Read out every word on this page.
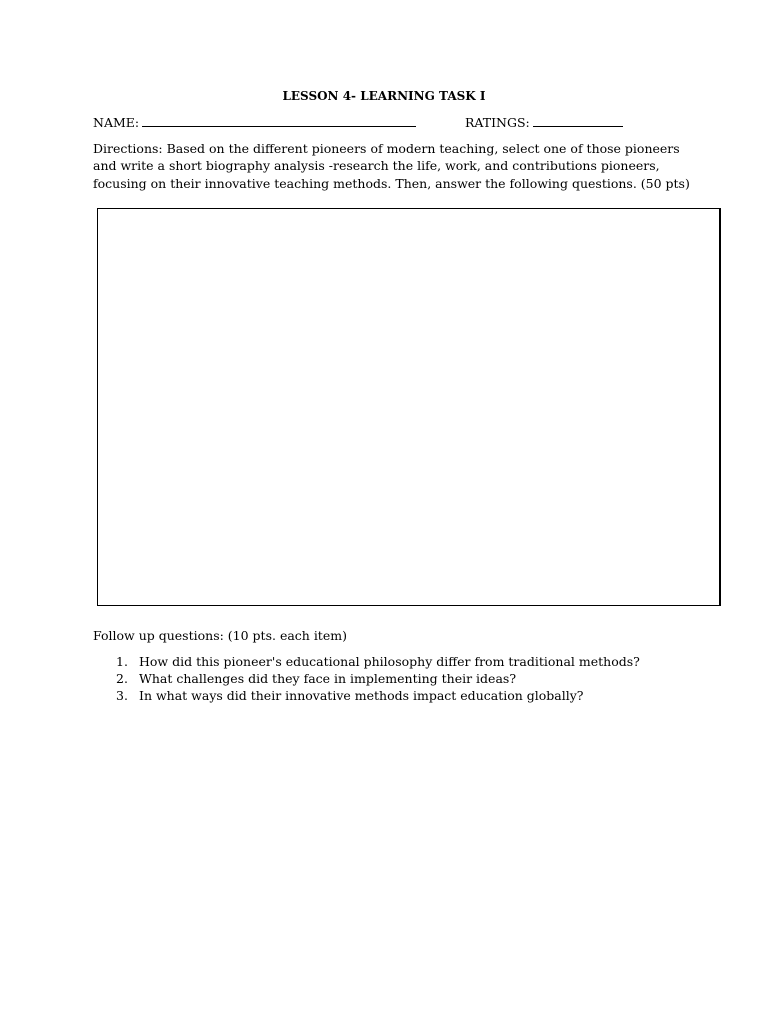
LESSON 4- LEARNING TASK I
NAME:	RATINGS:
Directions: Based on the different pioneers of modern teaching, select one of those pioneers and write a short biography analysis -research the life, work, and contributions pioneers, focusing on their innovative teaching methods. Then, answer the following questions. (50 pts)
Follow up questions: (10 pts. each item)
1. How did this pioneer's educational philosophy differ from traditional methods?
2. What challenges did they face in implementing their ideas?
3. In what ways did their innovative methods impact education globally?
